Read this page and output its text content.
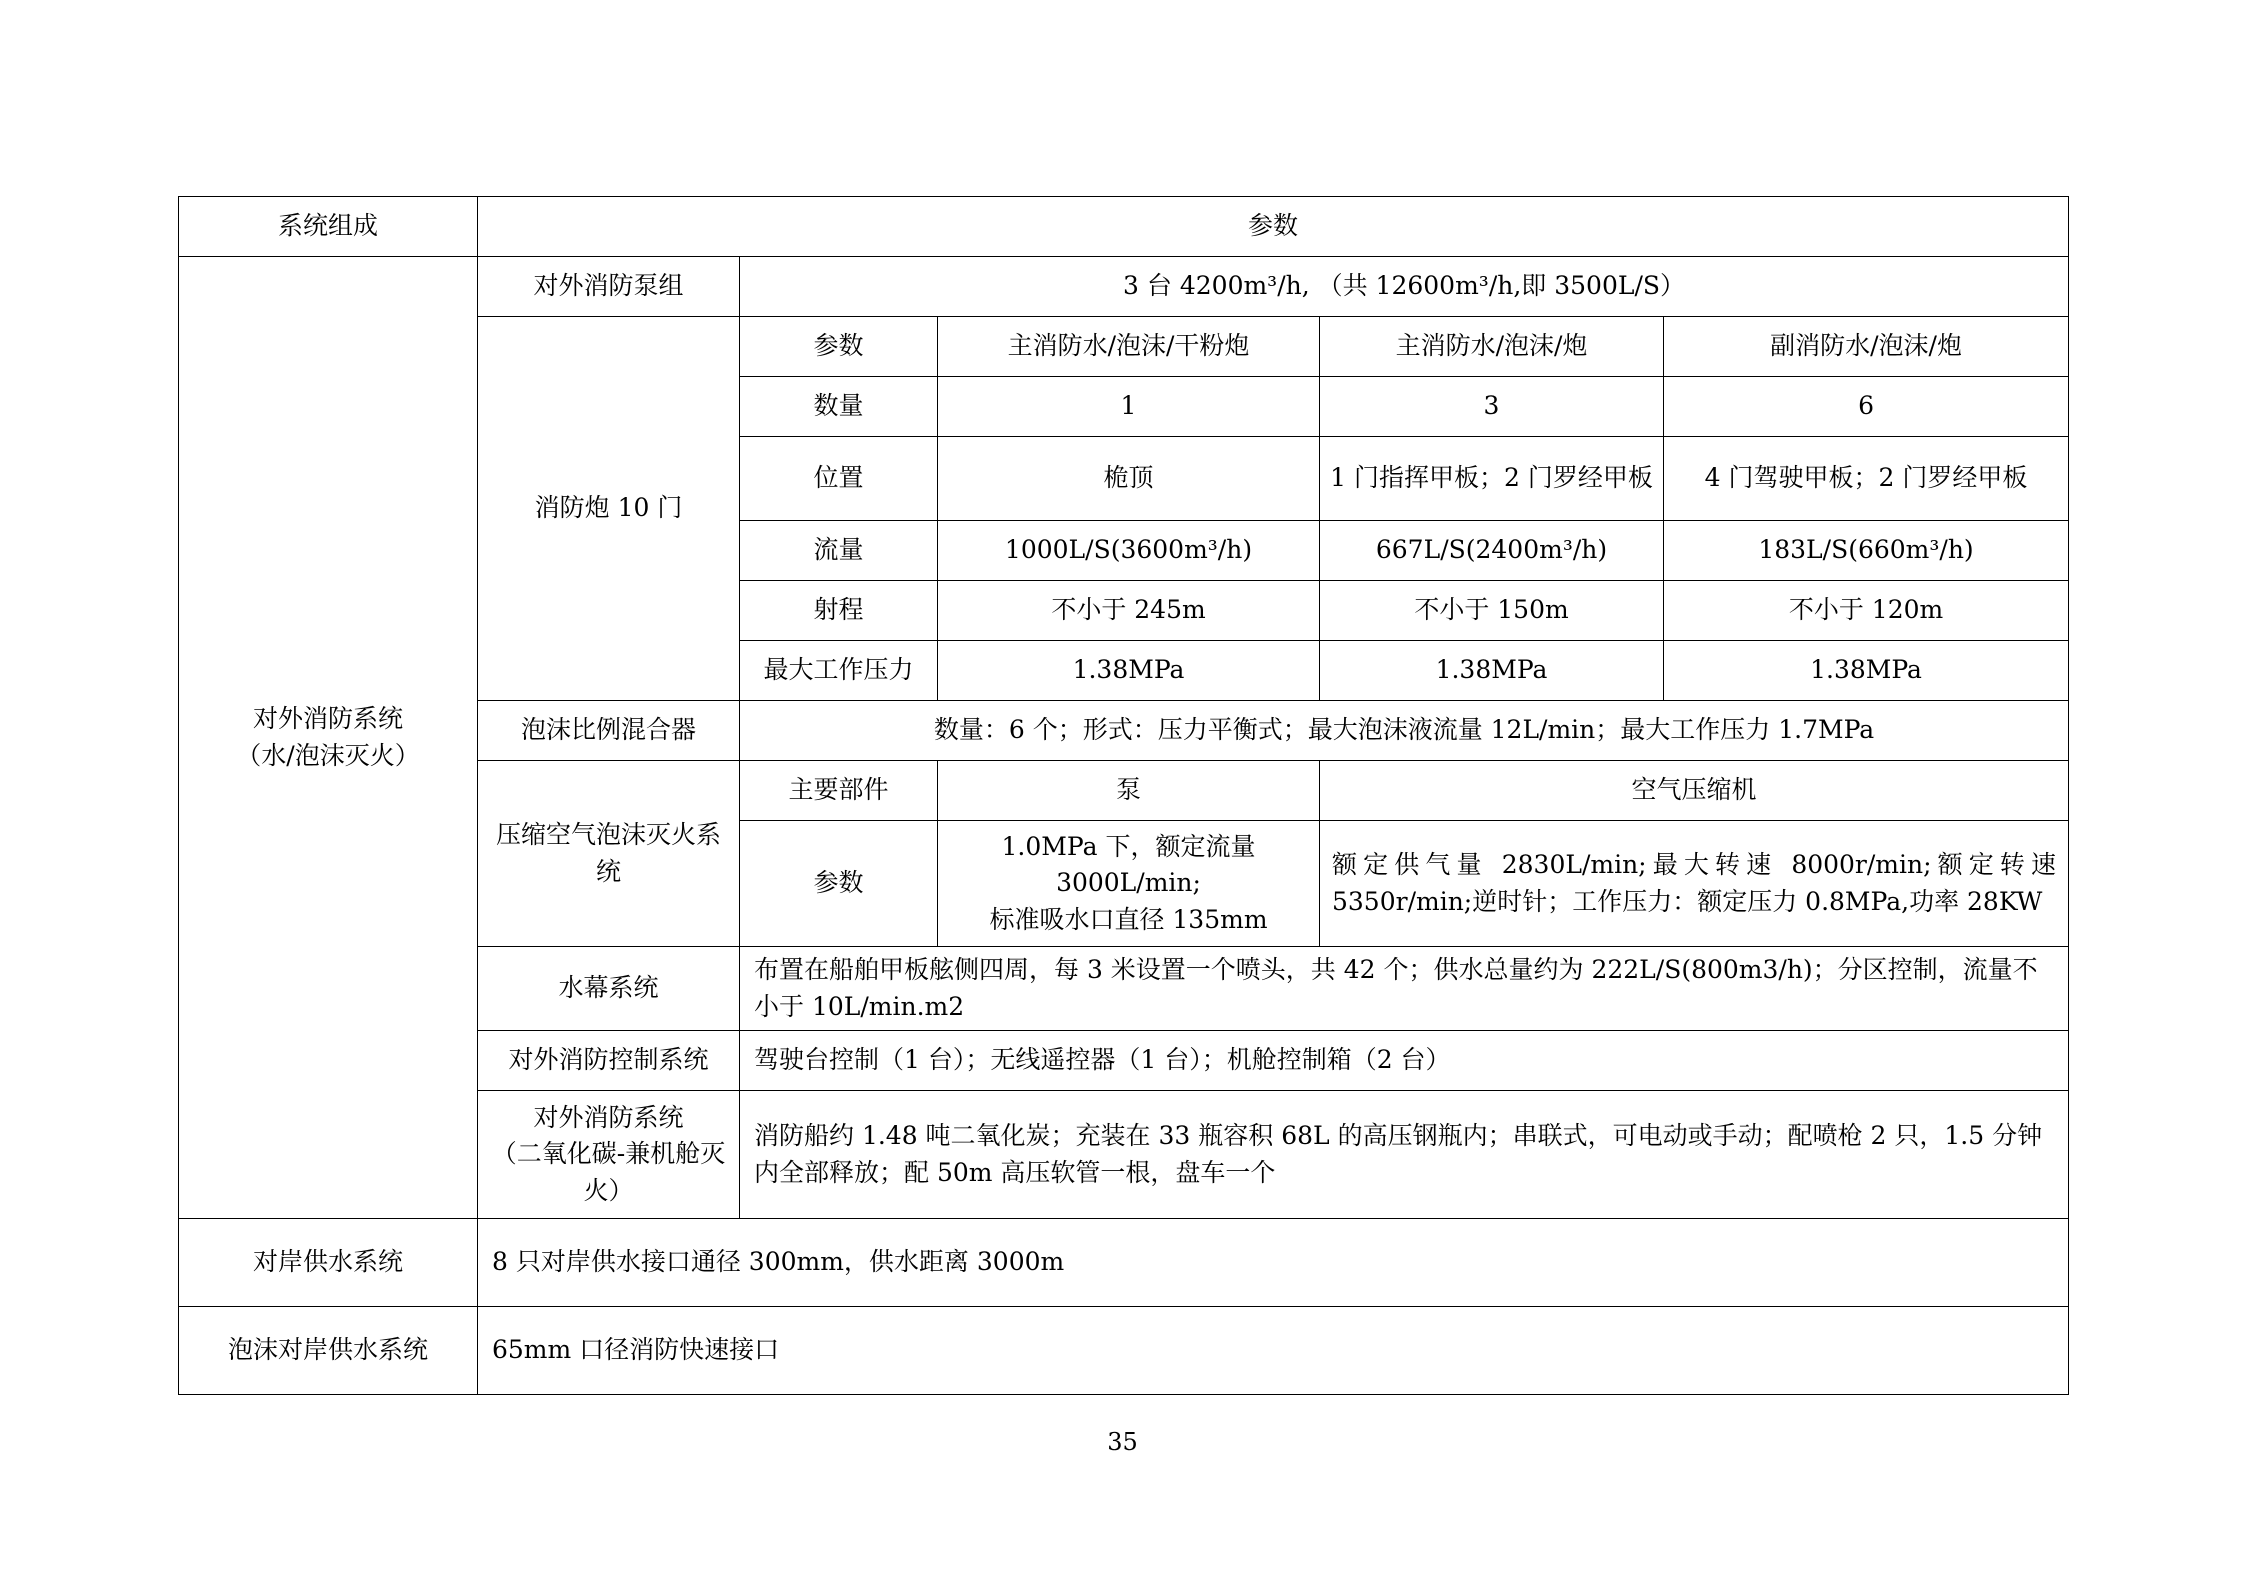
系统组成	参数				

对外消防系统
（水/泡沫灭火）	对外消防泵组	3 台 4200m³/h, （共 12600m³/h,即 3500L/S）			
	消防炮 10 门	参数	主消防水/泡沫/干粉炮	主消防水/泡沫/炮	副消防水/泡沫/炮
		数量	1	3	6
		位置	桅顶	1 门指挥甲板；2 门罗经甲板	4 门驾驶甲板；2 门罗经甲板
		流量	1000L/S(3600m³/h)	667L/S(2400m³/h)	183L/S(660m³/h)
		射程	不小于 245m	不小于 150m	不小于 120m
		最大工作压力	1.38MPa	1.38MPa	1.38MPa
	泡沫比例混合器	数量：6 个；形式：压力平衡式；最大泡沫液流量 12L/min；最大工作压力 1.7MPa			
	压缩空气泡沫灭火系统	主要部件	泵	空气压缩机	
		参数	1.0MPa 下，额定流量
3000L/min;
标准吸水口直径 135mm	额定供气量 2830L/min;最大转速 8000r/min;额定转速 5350r/min;逆时针；工作压力：额定压力 0.8MPa,功率 28KW	
	水幕系统	布置在船舶甲板舷侧四周，每 3 米设置一个喷头，共 42 个；供水总量约为 222L/S(800m3/h)；分区控制，流量不小于 10L/min.m2			
	对外消防控制系统	驾驶台控制（1 台）；无线遥控器（1 台）；机舱控制箱（2 台）			

	对外消防系统
（二氧化碳-兼机舱灭火）	消防船约 1.48 吨二氧化炭；充装在 33 瓶容积 68L 的高压钢瓶内；串联式，可电动或手动；配喷枪 2 只，1.5 分钟内全部释放；配 50m 高压软管一根，盘车一个			
对岸供水系统	8 只对岸供水接口通径 300mm，供水距离 3000m				
泡沫对岸供水系统	65mm 口径消防快速接口				
35
